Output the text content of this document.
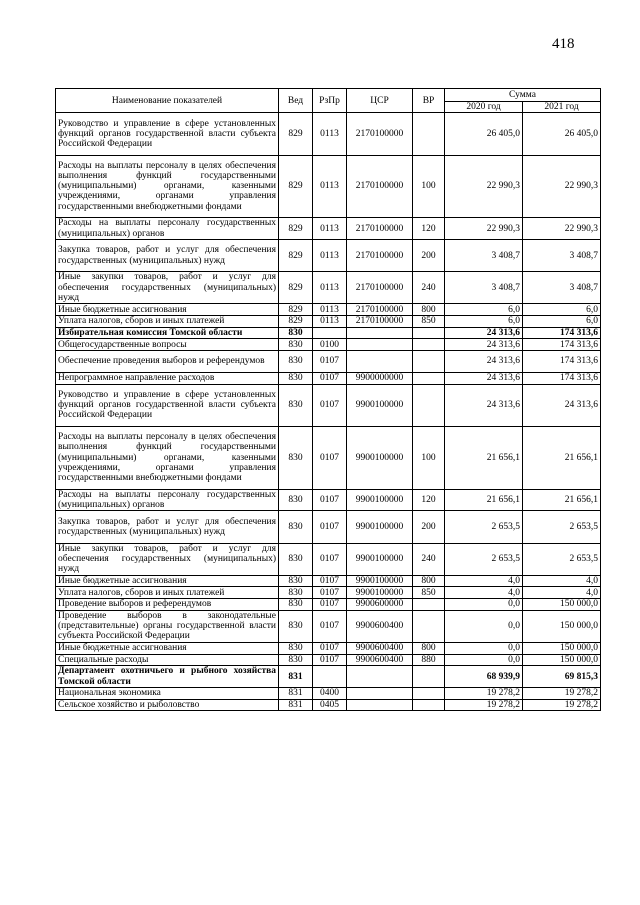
418
Наименование показателей	Вед	РзПр	ЦСР	ВР	Сумма	
					2020 год	2021 год
Руководство и управление в сфере установленных функций органов государственной власти субъекта Российской Федерации	829	0113	2170100000		26 405,0	26 405,0
Расходы на выплаты персоналу в целях обеспечения выполнения функций государственными (муниципальными) органами, казенными учреждениями, органами управления государственными внебюджетными фондами	829	0113	2170100000	100	22 990,3	22 990,3
Расходы на выплаты персоналу государственных (муниципальных) органов	829	0113	2170100000	120	22 990,3	22 990,3
Закупка товаров, работ и услуг для обеспечения государственных (муниципальных) нужд	829	0113	2170100000	200	3 408,7	3 408,7
Иные закупки товаров, работ и услуг для обеспечения государственных (муниципальных) нужд	829	0113	2170100000	240	3 408,7	3 408,7
Иные бюджетные ассигнования	829	0113	2170100000	800	6,0	6,0
Уплата налогов, сборов и иных платежей	829	0113	2170100000	850	6,0	6,0
Избирательная комиссия Томской области	830				24 313,6	174 313,6
Общегосударственные вопросы	830	0100			24 313,6	174 313,6
Обеспечение проведения выборов и референдумов	830	0107			24 313,6	174 313,6
Непрограммное направление расходов	830	0107	9900000000		24 313,6	174 313,6
Руководство и управление в сфере установленных функций органов государственной власти субъекта Российской Федерации	830	0107	9900100000		24 313,6	24 313,6
Расходы на выплаты персоналу в целях обеспечения выполнения функций государственными (муниципальными) органами, казенными учреждениями, органами управления государственными внебюджетными фондами	830	0107	9900100000	100	21 656,1	21 656,1
Расходы на выплаты персоналу государственных (муниципальных) органов	830	0107	9900100000	120	21 656,1	21 656,1
Закупка товаров, работ и услуг для обеспечения государственных (муниципальных) нужд	830	0107	9900100000	200	2 653,5	2 653,5
Иные закупки товаров, работ и услуг для обеспечения государственных (муниципальных) нужд	830	0107	9900100000	240	2 653,5	2 653,5
Иные бюджетные ассигнования	830	0107	9900100000	800	4,0	4,0
Уплата налогов, сборов и иных платежей	830	0107	9900100000	850	4,0	4,0
Проведение выборов и референдумов	830	0107	9900600000		0,0	150 000,0
Проведение выборов в законодательные (представительные) органы государственной власти субъекта Российской Федерации	830	0107	9900600400		0,0	150 000,0
Иные бюджетные ассигнования	830	0107	9900600400	800	0,0	150 000,0
Специальные расходы	830	0107	9900600400	880	0,0	150 000,0
Департамент охотничьего и рыбного хозяйства Томской области	831				68 939,9	69 815,3
Национальная экономика	831	0400			19 278,2	19 278,2
Сельское хозяйство и рыболовство	831	0405			19 278,2	19 278,2
